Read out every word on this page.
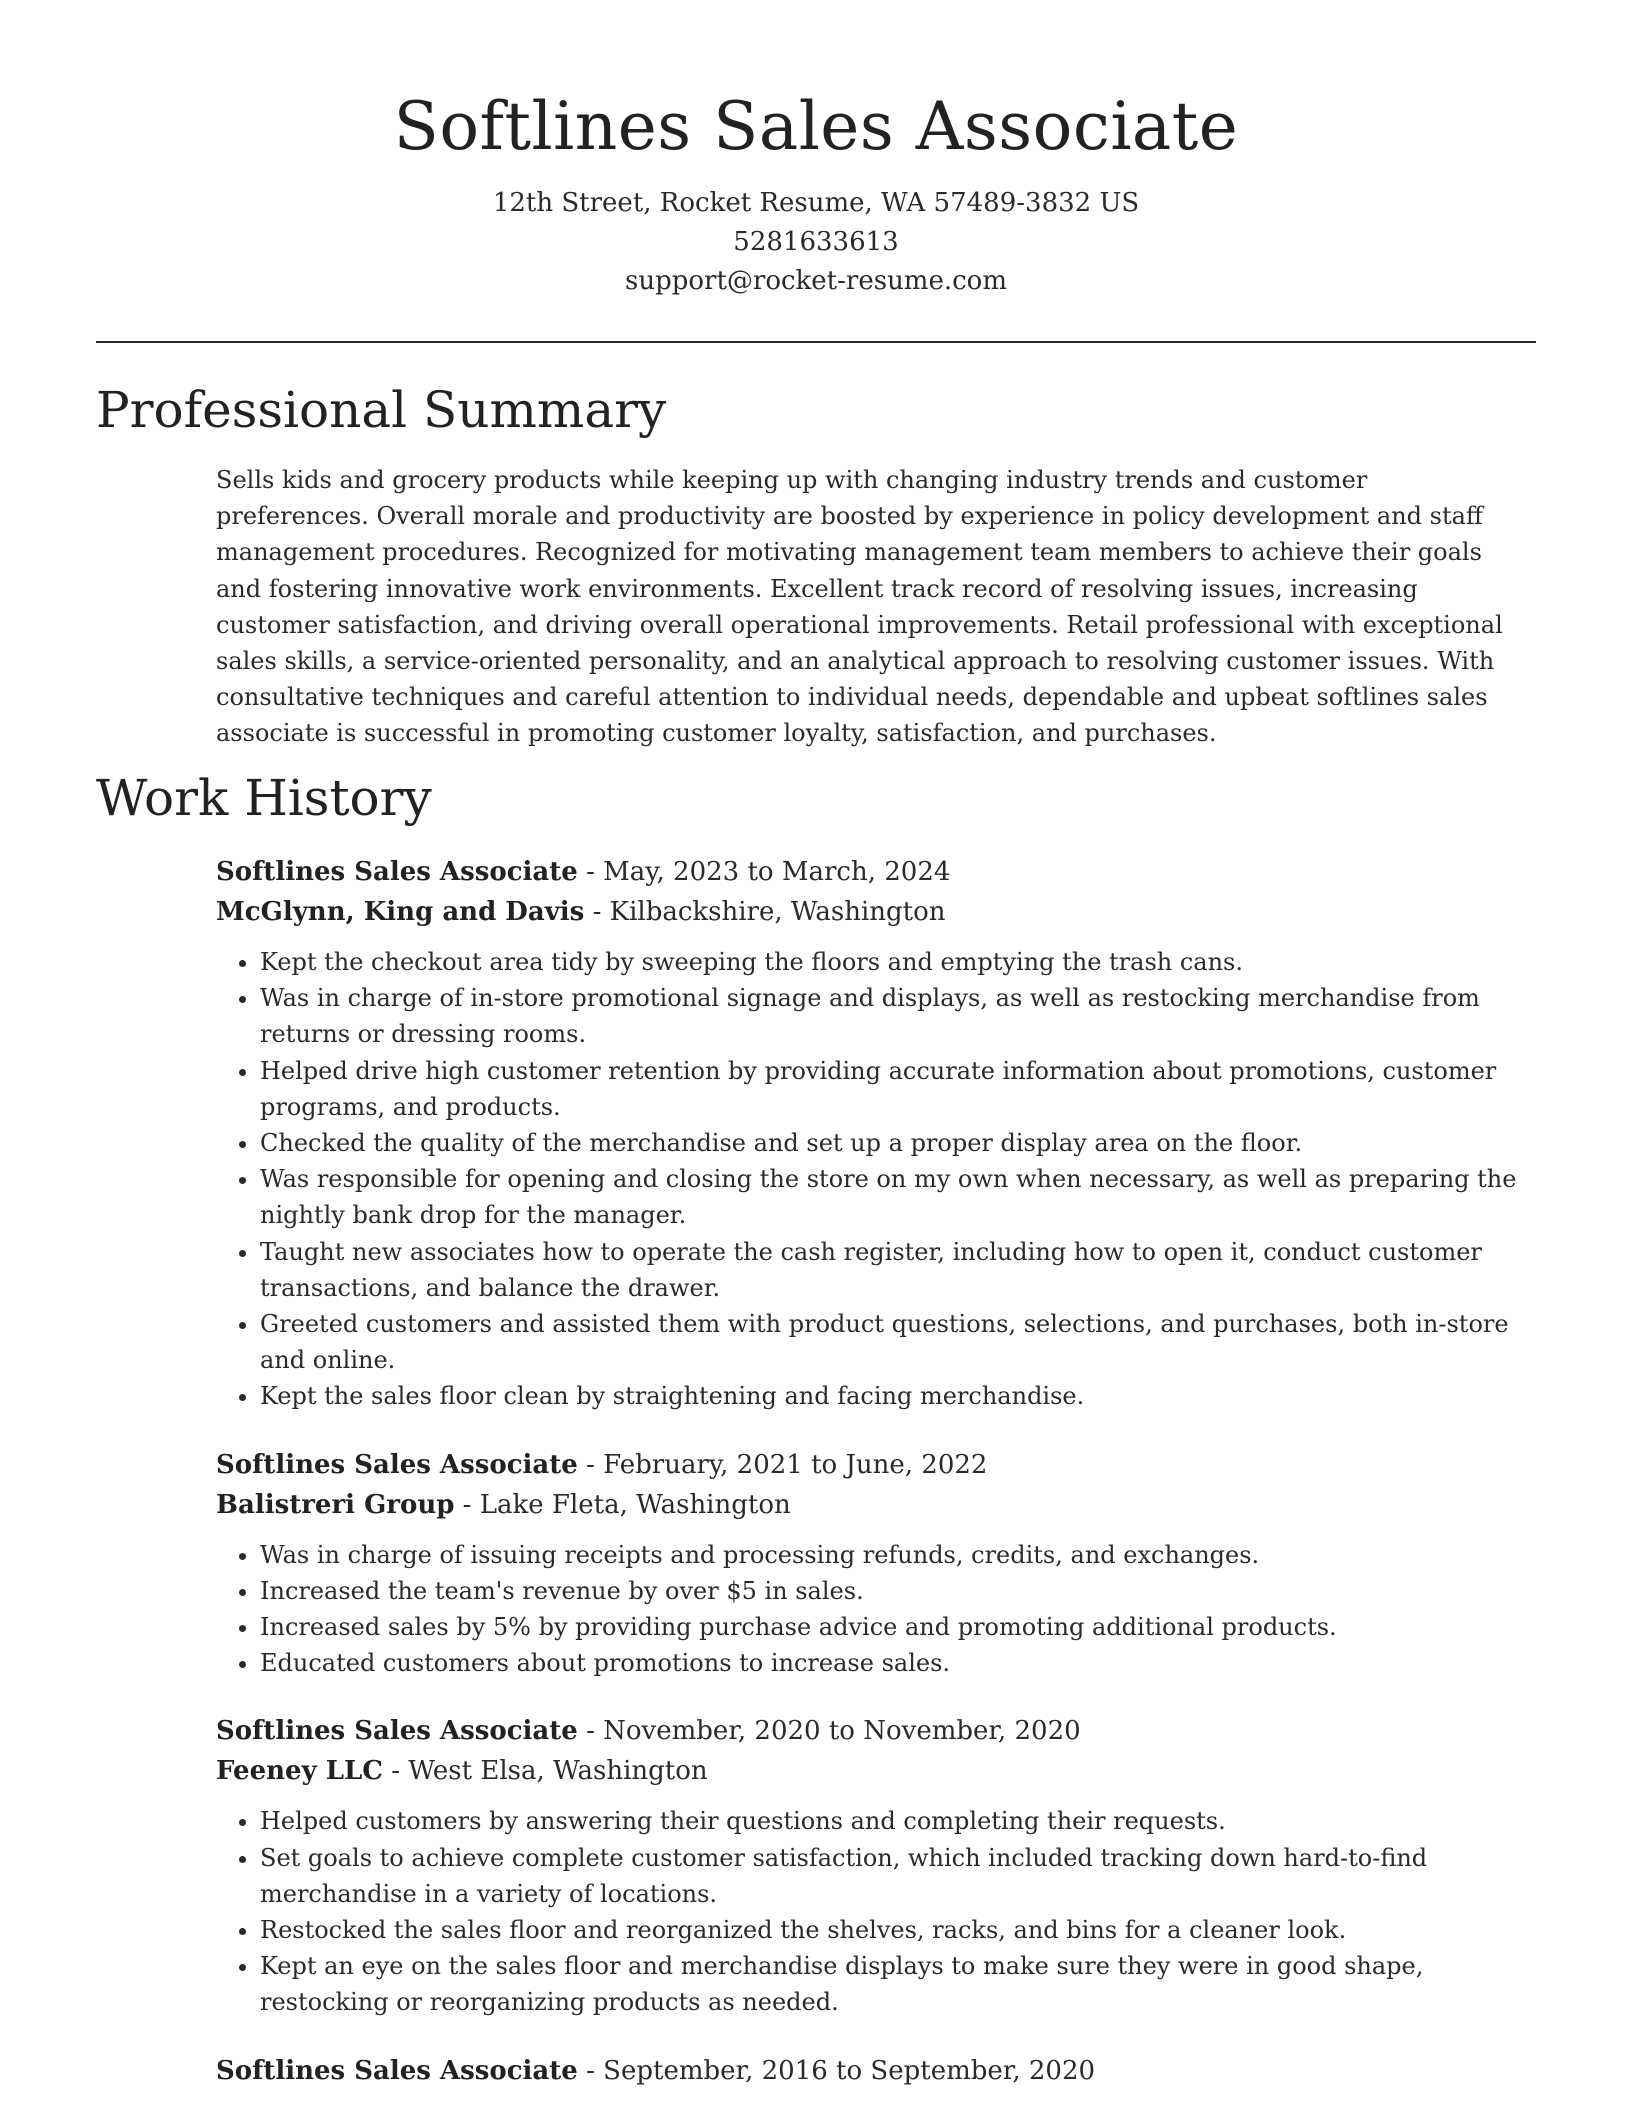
Softlines Sales Associate
12th Street, Rocket Resume, WA 57489-3832 US
5281633613
support@rocket-resume.com
Professional Summary
Sells kids and grocery products while keeping up with changing industry trends and customer preferences. Overall morale and productivity are boosted by experience in policy development and staff management procedures. Recognized for motivating management team members to achieve their goals and fostering innovative work environments. Excellent track record of resolving issues, increasing customer satisfaction, and driving overall operational improvements. Retail professional with exceptional sales skills, a service-oriented personality, and an analytical approach to resolving customer issues. With consultative techniques and careful attention to individual needs, dependable and upbeat softlines sales associate is successful in promoting customer loyalty, satisfaction, and purchases.
Work History
Softlines Sales Associate - May, 2023 to March, 2024
McGlynn, King and Davis - Kilbackshire, Washington
• Kept the checkout area tidy by sweeping the floors and emptying the trash cans.
• Was in charge of in-store promotional signage and displays, as well as restocking merchandise from returns or dressing rooms.
• Helped drive high customer retention by providing accurate information about promotions, customer programs, and products.
• Checked the quality of the merchandise and set up a proper display area on the floor.
• Was responsible for opening and closing the store on my own when necessary, as well as preparing the nightly bank drop for the manager.
• Taught new associates how to operate the cash register, including how to open it, conduct customer transactions, and balance the drawer.
• Greeted customers and assisted them with product questions, selections, and purchases, both in-store and online.
• Kept the sales floor clean by straightening and facing merchandise.
Softlines Sales Associate - February, 2021 to June, 2022
Balistreri Group - Lake Fleta, Washington
• Was in charge of issuing receipts and processing refunds, credits, and exchanges.
• Increased the team's revenue by over $5 in sales.
• Increased sales by 5% by providing purchase advice and promoting additional products.
• Educated customers about promotions to increase sales.
Softlines Sales Associate - November, 2020 to November, 2020
Feeney LLC - West Elsa, Washington
• Helped customers by answering their questions and completing their requests.
• Set goals to achieve complete customer satisfaction, which included tracking down hard-to-find merchandise in a variety of locations.
• Restocked the sales floor and reorganized the shelves, racks, and bins for a cleaner look.
• Kept an eye on the sales floor and merchandise displays to make sure they were in good shape, restocking or reorganizing products as needed.
Softlines Sales Associate - September, 2016 to September, 2020
